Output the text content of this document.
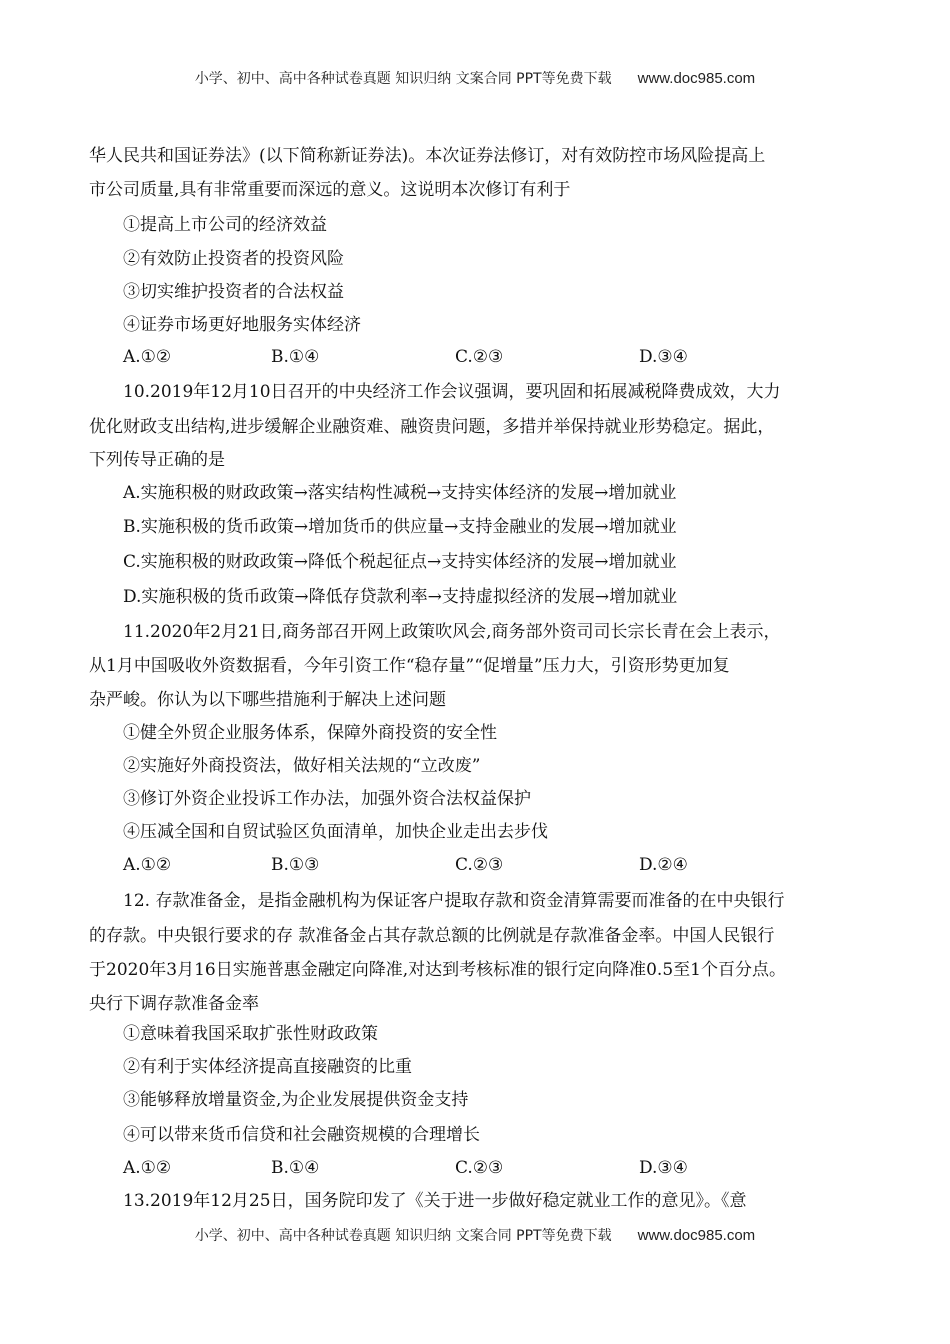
小学、初中、高中各种试卷真题 知识归纳 文案合同 PPT等免费下载 www.doc985.com
华人民共和国证券法》(以下简称新证券法)。本次证券法修订，对有效防控市场风险提高上
市公司质量,具有非常重要而深远的意义。这说明本次修订有利于
①提高上市公司的经济效益
②有效防止投资者的投资风险
③切实维护投资者的合法权益
④证券市场更好地服务实体经济
A.①②	B.①④	C.②③	D.③④
10.2019年12月10日召开的中央经济工作会议强调，要巩固和拓展减税降费成效，大力
优化财政支出结构,进步缓解企业融资难、融资贵问题，多措并举保持就业形势稳定。据此，
下列传导正确的是
A.实施积极的财政政策→落实结构性减税→支持实体经济的发展→增加就业
B.实施积极的货币政策→增加货币的供应量→支持金融业的发展→增加就业
C.实施积极的财政政策→降低个税起征点→支持实体经济的发展→增加就业
D.实施积极的货币政策→降低存贷款利率→支持虚拟经济的发展→增加就业
11.2020年2月21日,商务部召开网上政策吹风会,商务部外资司司长宗长青在会上表示，
从1月中国吸收外资数据看，今年引资工作“稳存量”“促增量”压力大，引资形势更加复
杂严峻。你认为以下哪些措施利于解决上述问题
①健全外贸企业服务体系，保障外商投资的安全性
②实施好外商投资法，做好相关法规的“立改废”
③修订外资企业投诉工作办法，加强外资合法权益保护
④压减全国和自贸试验区负面清单，加快企业走出去步伐
A.①②	B.①③	C.②③	D.②④
12. 存款准备金，是指金融机构为保证客户提取存款和资金清算需要而准备的在中央银行
的存款。中央银行要求的存 款准备金占其存款总额的比例就是存款准备金率。中国人民银行
于2020年3月16日实施普惠金融定向降准,对达到考核标准的银行定向降准0.5至1个百分点。
央行下调存款准备金率
①意味着我国采取扩张性财政政策
②有利于实体经济提高直接融资的比重
③能够释放增量资金,为企业发展提供资金支持
④可以带来货币信贷和社会融资规模的合理增长
A.①②	B.①④	C.②③	D.③④
13.2019年12月25日，国务院印发了《关于进一步做好稳定就业工作的意见》。《意
小学、初中、高中各种试卷真题 知识归纳 文案合同 PPT等免费下载 www.doc985.com
